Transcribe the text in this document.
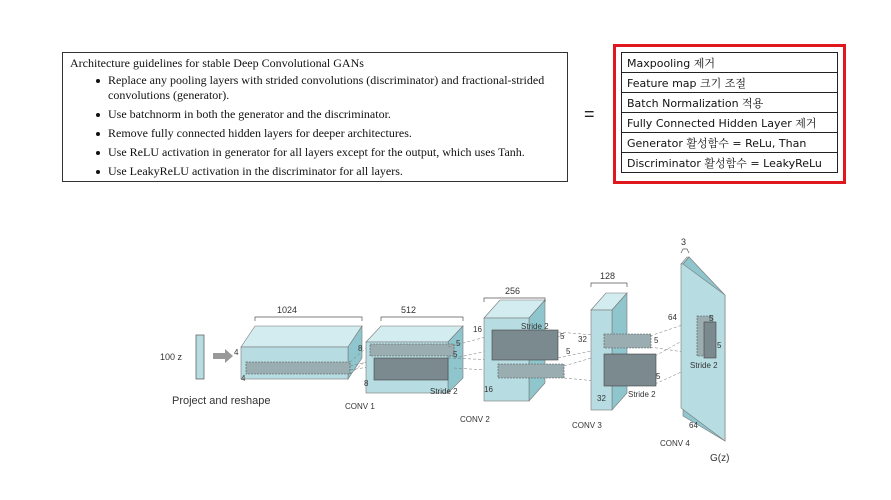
Architecture guidelines for stable Deep Convolutional GANs
Replace any pooling layers with strided convolutions (discriminator) and fractional-strided convolutions (generator).
Use batchnorm in both the generator and the discriminator.
Remove fully connected hidden layers for deeper architectures.
Use ReLU activation in generator for all layers except for the output, which uses Tanh.
Use LeakyReLU activation in the discriminator for all layers.
=
Maxpooling 제거
Feature map 크기 조절
Batch Normalization 적용
Fully Connected Hidden Layer 제거
Generator 활성함수 = ReLu, Than
Discriminator 활성함수 = LeakyReLu
100 z
Project and reshape
1024
4
4
512
8
8
5
5
Stride 2
CONV 1
256
16
16
5
5
Stride 2
CONV 2
128
32
32
5
5
Stride 2
CONV 3
3
64
64
5
5
Stride 2
CONV 4
G(z)
